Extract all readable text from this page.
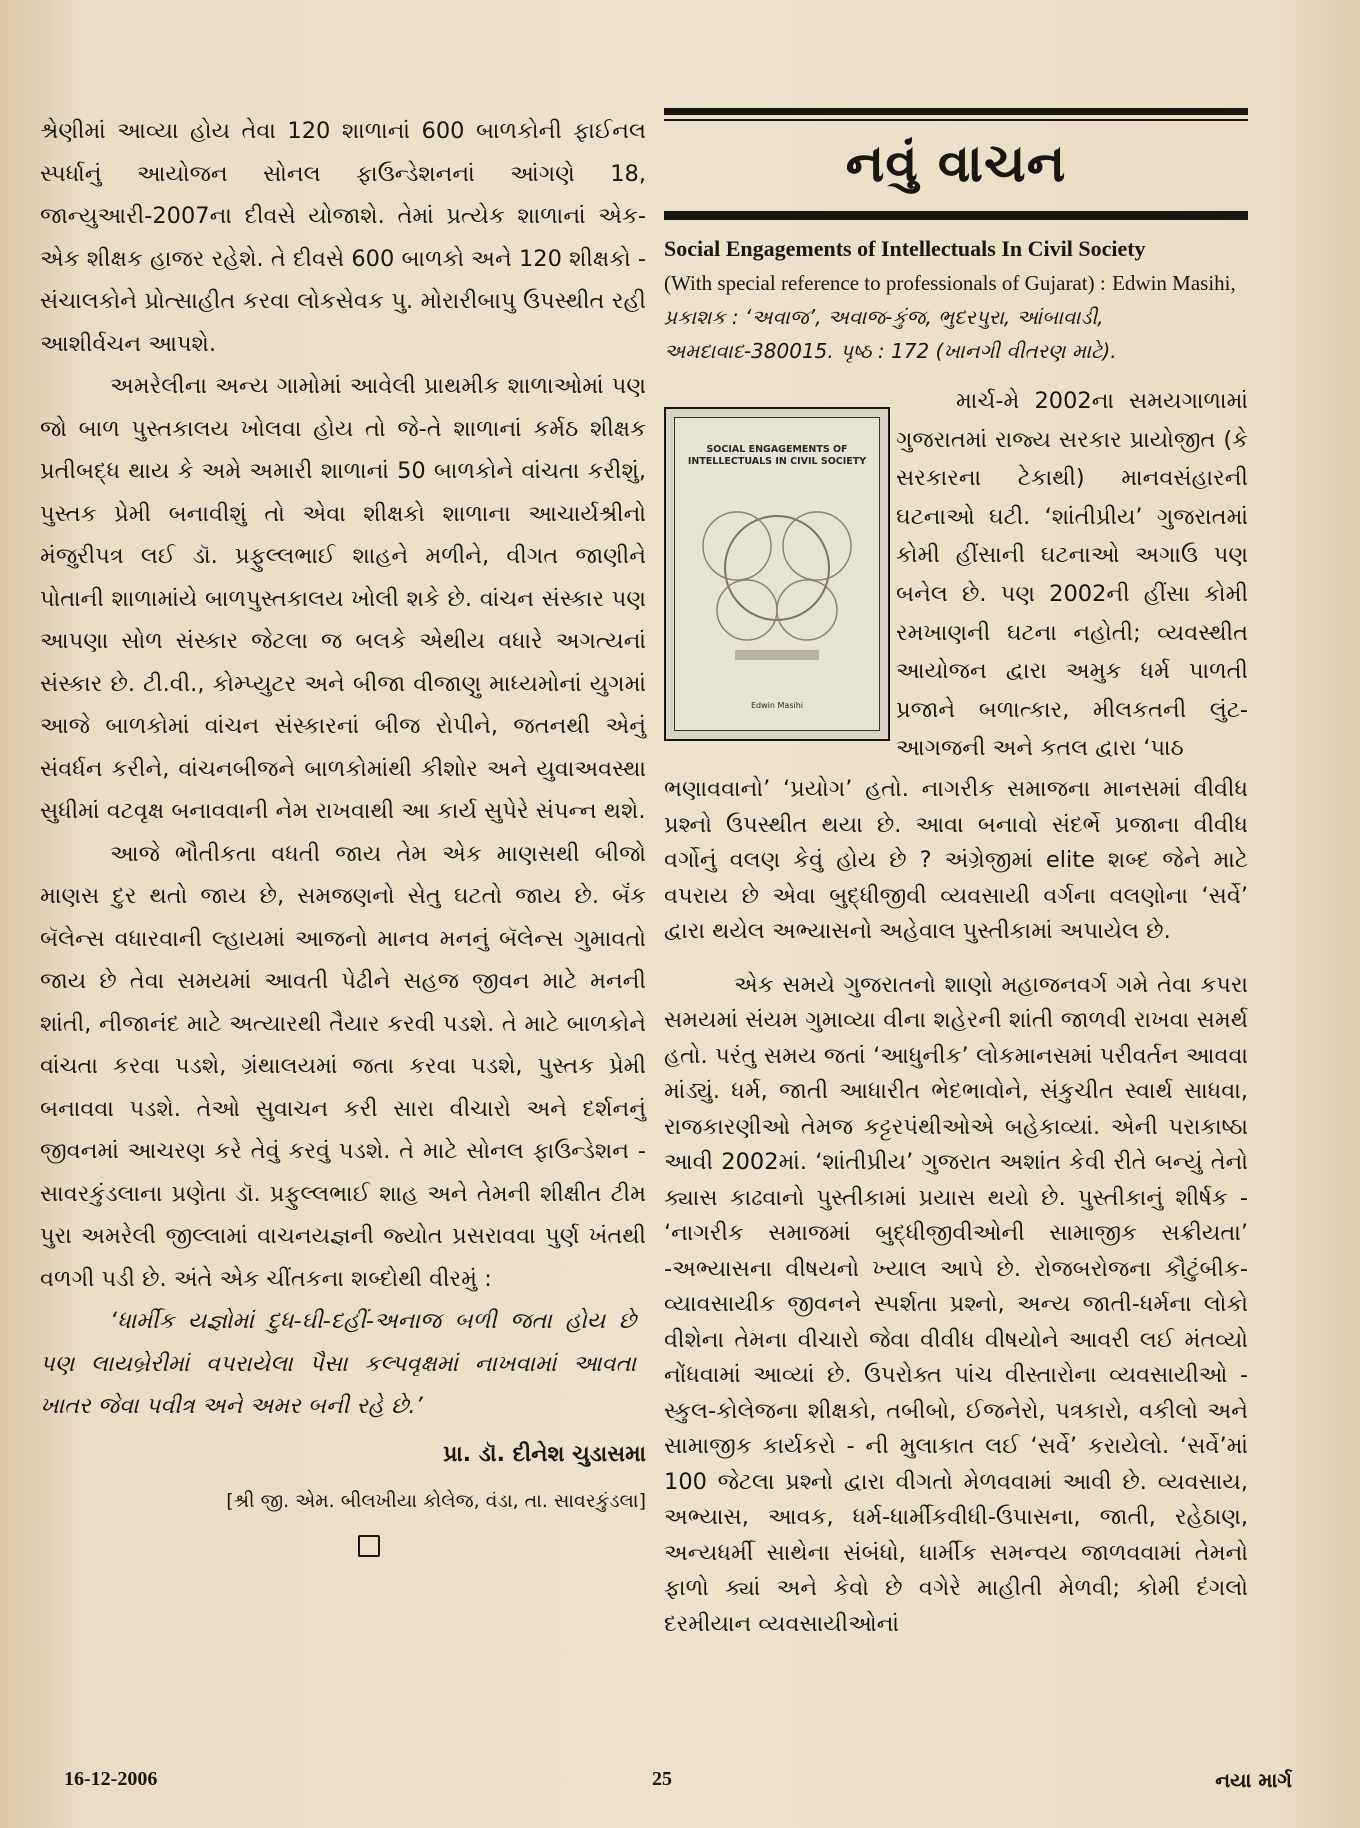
શ્રેણીમાં આવ્યા હોય તેવા 120 શાળાનાં 600 બાળકોની ફાઈનલ સ્પર્ધાનું આયોજન સોનલ ફાઉન્ડેશનનાં આંગણે 18, જાન્યુઆરી-2007ના દીવસે યોજાશે. તેમાં પ્રત્યેક શાળાનાં એક-એક શીક્ષક હાજર રહેશે. તે દીવસે 600 બાળકો અને 120 શીક્ષકો - સંચાલકોને પ્રોત્સાહીત કરવા લોકસેવક પુ. મોરારીબાપુ ઉપસ્થીત રહી આશીર્વચન આપશે.

અમરેલીના અન્ય ગામોમાં આવેલી પ્રાથમીક શાળાઓમાં પણ જો બાળ પુસ્તકાલય ખોલવા હોય તો જે-તે શાળાનાં કર્મઠ શીક્ષક પ્રતીબદ્ધ થાય કે અમે અમારી શાળાનાં 50 બાળકોને વાંચતા કરીશું, પુસ્તક પ્રેમી બનાવીશું તો એવા શીક્ષકો શાળાના આચાર્યશ્રીનો મંજુરીપત્ર લઈ ડૉ. પ્રફુલ્લભાઈ શાહને મળીને, વીગત જાણીને પોતાની શાળામાંયે બાળપુસ્તકાલય ખોલી શકે છે. વાંચન સંસ્કાર પણ આપણા સોળ સંસ્કાર જેટલા જ બલકે એથીય વધારે અગત્યનાં સંસ્કાર છે. ટી.વી., કોમ્પ્યુટર અને બીજા વીજાણુ માધ્યમોનાં યુગમાં આજે બાળકોમાં વાંચન સંસ્કારનાં બીજ રોપીને, જતનથી એનું સંવર્ધન કરીને, વાંચનબીજને બાળકોમાંથી કીશોર અને યુવાઅવસ્થા સુધીમાં વટવૃક્ષ બનાવવાની નેમ રાખવાથી આ કાર્ય સુપેરે સંપન્ન થશે.

આજે ભૌતીકતા વધતી જાય તેમ એક માણસથી બીજો માણસ દુર થતો જાય છે, સમજણનો સેતુ ઘટતો જાય છે. બૅંક બૅલેન્સ વધારવાની લ્હાયમાં આજનો માનવ મનનું બૅલેન્સ ગુમાવતો જાય છે તેવા સમયમાં આવતી પેઢીને સહજ જીવન માટે મનની શાંતી, નીજાનંદ માટે અત્યારથી તૈયાર કરવી પડશે. તે માટે બાળકોને વાંચતા કરવા પડશે, ગ્રંથાલયમાં જતા કરવા પડશે, પુસ્તક પ્રેમી બનાવવા પડશે. તેઓ સુવાચન કરી સારા વીચારો અને દર્શનનું જીવનમાં આચરણ કરે તેવું કરવું પડશે. તે માટે સોનલ ફાઉન્ડેશન - સાવરકુંડલાના પ્રણેતા ડૉ. પ્રફુલ્લભાઈ શાહ અને તેમની શીક્ષીત ટીમ પુરા અમરેલી જીલ્લામાં વાચનયજ્ઞની જ્યોત પ્રસરાવવા પુર્ણ ખંતથી વળગી પડી છે. અંતે એક ચીંતકના શબ્દોથી વીરમું :

‘ધાર્મીક યજ્ઞોમાં દુધ-ઘી-દહીં-અનાજ બળી જતા હોય છે પણ લાયબ્રેરીમાં વપરાયેલા પૈસા કલ્પવૃક્ષમાં નાખવામાં આવતા ખાતર જેવા પવીત્ર અને અમર બની રહે છે.’

પ્રા. ડૉ. દીનેશ ચુડાસમા
[શ્રી જી. એમ. બીલખીયા કોલેજ, વંડા, તા. સાવરકુંડલા]
નવું વાચન
Social Engagements of Intellectuals In Civil Society
(With special reference to professionals of Gujarat) : Edwin Masihi, પ્રકાશક : ‘અવાજ’, અવાજ-કુંજ, ભુદરપુરા, આંબાવાડી, અમદાવાદ-380015. પૃષ્ઠ : 172 (ખાનગી વીતરણ માટે).
SOCIAL ENGAGEMENTS OF INTELLECTUALS IN CIVIL SOCIETY
Edwin Masihi

માર્ચ-મે 2002ના સમયગાળામાં ગુજરાતમાં રાજ્ય સરકાર પ્રાયોજીત (કે સરકારના ટેકાથી) માનવસંહારની ઘટનાઓ ઘટી. ‘શાંતીપ્રીય’ ગુજરાતમાં કોમી હીંસાની ઘટનાઓ અગાઉ પણ બનેલ છે. પણ 2002ની હીંસા કોમી રમખાણની ઘટના નહોતી; વ્યવસ્થીત આયોજન દ્વારા અમુક ધર્મ પાળતી પ્રજાને બળાત્કાર, મીલકતની લુંટ-આગજની અને કતલ દ્વારા ‘પાઠ

ભણાવવાનો’ ‘પ્રયોગ’ હતો. નાગરીક સમાજના માનસમાં વીવીધ પ્રશ્નો ઉપસ્થીત થયા છે. આવા બનાવો સંદર્ભે પ્રજાના વીવીધ વર્ગોનું વલણ કેવું હોય છે ? અંગ્રેજીમાં elite શબ્દ જેને માટે વપરાય છે એવા બુદ્ધીજીવી વ્યવસાયી વર્ગના વલણોના ‘સર્વે’ દ્વારા થયેલ અભ્યાસનો અહેવાલ પુસ્તીકામાં અપાયેલ છે.

એક સમયે ગુજરાતનો શાણો મહાજનવર્ગ ગમે તેવા કપરા સમયમાં સંયમ ગુમાવ્યા વીના શહેરની શાંતી જાળવી રાખવા સમર્થ હતો. પરંતુ સમય જતાં ‘આધુનીક’ લોકમાનસમાં પરીવર્તન આવવા માંડ્યું. ધર્મ, જાતી આધારીત ભેદભાવોને, સંકુચીત સ્વાર્થ સાધવા, રાજકારણીઓ તેમજ કટ્ટરપંથીઓએ બહેકાવ્યાં. એની પરાકાષ્ઠા આવી 2002માં. ‘શાંતીપ્રીય’ ગુજરાત અશાંત કેવી રીતે બન્યું તેનો ક્યાસ કાઢવાનો પુસ્તીકામાં પ્રયાસ થયો છે. પુસ્તીકાનું શીર્ષક - ‘નાગરીક સમાજમાં બુદ્ધીજીવીઓની સામાજીક સક્રીયતા’ -અભ્યાસના વીષયનો ખ્યાલ આપે છે. રોજબરોજના કૌટુંબીક-વ્યાવસાયીક જીવનને સ્પર્શતા પ્રશ્નો, અન્ય જાતી-ધર્મના લોકો વીશેના તેમના વીચારો જેવા વીવીધ વીષયોને આવરી લઈ મંતવ્યો નોંધવામાં આવ્યાં છે. ઉપરોક્ત પાંચ વીસ્તારોના વ્યવસાયીઓ - સ્કુલ-કોલેજના શીક્ષકો, તબીબો, ઈજનેરો, પત્રકારો, વકીલો અને સામાજીક કાર્યકરો - ની મુલાકાત લઈ ‘સર્વે’ કરાયેલો. ‘સર્વે’માં 100 જેટલા પ્રશ્નો દ્વારા વીગતો મેળવવામાં આવી છે. વ્યવસાય, અભ્યાસ, આવક, ધર્મ-ધાર્મીકવીધી-ઉપાસના, જાતી, રહેઠાણ, અન્યધર્મી સાથેના સંબંધો, ધાર્મીક સમન્વય જાળવવામાં તેમનો ફાળો ક્યાં અને કેવો છે વગેરે માહીતી મેળવી; કોમી દંગલો દરમીયાન વ્યવસાયીઓનાં

16-12-2006	25	નયા માર્ગ
